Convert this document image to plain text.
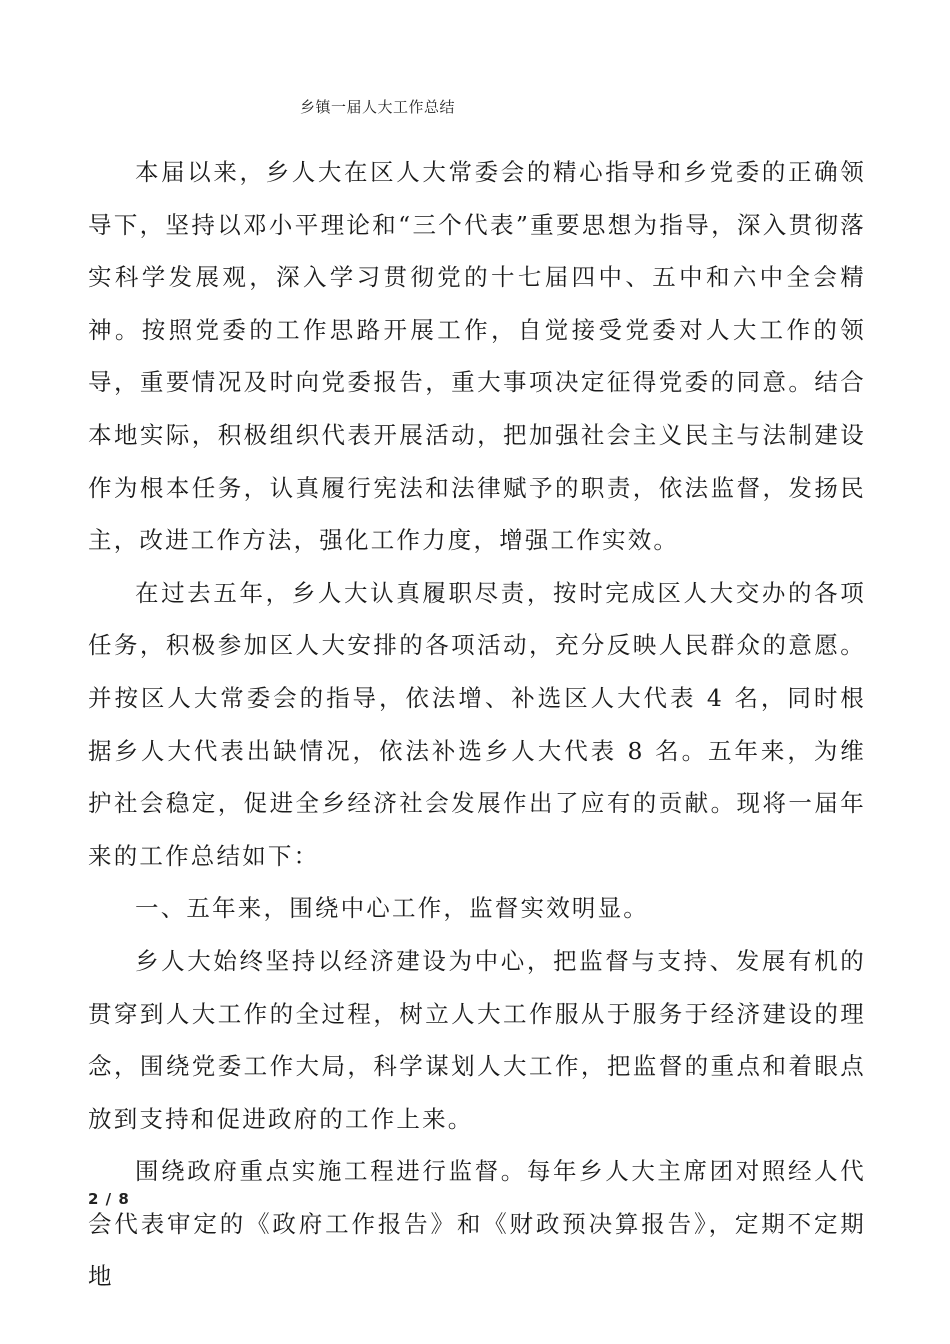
乡镇一届人大工作总结

本届以来，乡人大在区人大常委会的精心指导和乡党委的正确领导下，坚持以邓小平理论和“三个代表”重要思想为指导，深入贯彻落实科学发展观，深入学习贯彻党的十七届四中、五中和六中全会精神。按照党委的工作思路开展工作，自觉接受党委对人大工作的领导，重要情况及时向党委报告，重大事项决定征得党委的同意。结合本地实际，积极组织代表开展活动，把加强社会主义民主与法制建设作为根本任务，认真履行宪法和法律赋予的职责，依法监督，发扬民主，改进工作方法，强化工作力度，增强工作实效。

在过去五年，乡人大认真履职尽责，按时完成区人大交办的各项任务，积极参加区人大安排的各项活动，充分反映人民群众的意愿。并按区人大常委会的指导，依法增、补选区人大代表 4 名，同时根据乡人大代表出缺情况，依法补选乡人大代表 8 名。五年来，为维护社会稳定，促进全乡经济社会发展作出了应有的贡献。现将一届年来的工作总结如下：

一、五年来，围绕中心工作，监督实效明显。

乡人大始终坚持以经济建设为中心，把监督与支持、发展有机的贯穿到人大工作的全过程，树立人大工作服从于服务于经济建设的理念，围绕党委工作大局，科学谋划人大工作，把监督的重点和着眼点放到支持和促进政府的工作上来。

围绕政府重点实施工程进行监督。每年乡人大主席团对照经人代会代表审定的《政府工作报告》和《财政预决算报告》，定期不定期地

2 / 8
